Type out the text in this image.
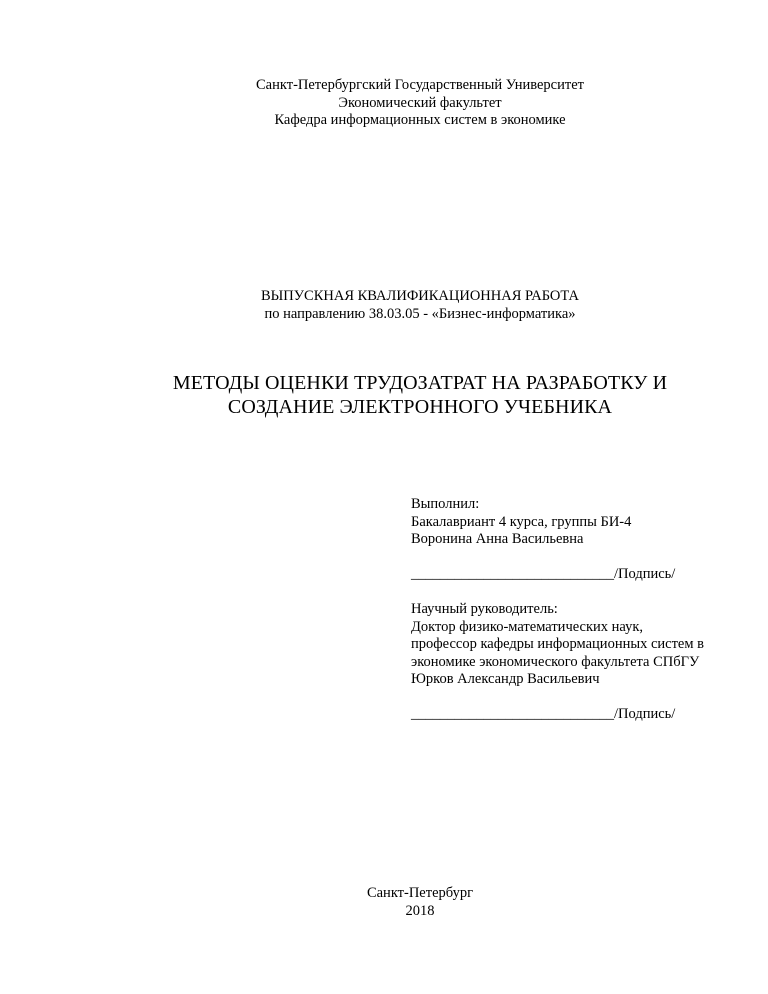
Санкт-Петербургский Государственный Университет
Экономический факультет
Кафедра информационных систем в экономике
ВЫПУСКНАЯ КВАЛИФИКАЦИОННАЯ РАБОТА
по направлению 38.03.05 - «Бизнес-информатика»
МЕТОДЫ ОЦЕНКИ ТРУДОЗАТРАТ НА РАЗРАБОТКУ И
СОЗДАНИЕ ЭЛЕКТРОННОГО УЧЕБНИКА
Выполнил:
Бакалавриант 4 курса, группы БИ-4
Воронина Анна Васильевна
____________________________/Подпись/
Научный руководитель:
Доктор физико-математических наук,
профессор кафедры информационных систем в
экономике экономического факультета СПбГУ
Юрков Александр Васильевич
____________________________/Подпись/
Санкт-Петербург
2018
